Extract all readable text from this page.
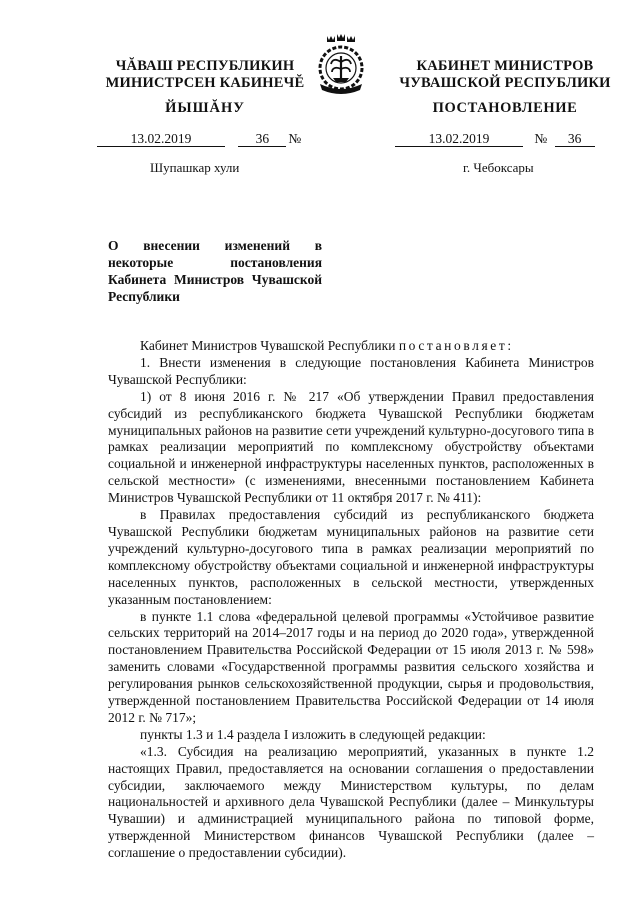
ЧĂВАШ РЕСПУБЛИКИН
МИНИСТРСЕН КАБИНЕЧĔ
ЙЫШĂНУ
КАБИНЕТ МИНИСТРОВ
ЧУВАШСКОЙ РЕСПУБЛИКИ
ПОСТАНОВЛЕНИЕ
13.02.2019	36 №	13.02.2019	№ 36
Шупашкар хули	г. Чебоксары
О внесении изменений в некоторые постановления Кабинета Министров Чувашской Республики

Кабинет Министров Чувашской Республики постановляет:

1. Внести изменения в следующие постановления Кабинета Министров Чувашской Республики:

1) от 8 июня 2016 г. № 217 «Об утверждении Правил предоставления субсидий из республиканского бюджета Чувашской Республики бюджетам муниципальных районов на развитие сети учреждений культурно-досугового типа в рамках реализации мероприятий по комплексному обустройству объектами социальной и инженерной инфраструктуры населенных пунктов, расположенных в сельской местности» (с изменениями, внесенными постановлением Кабинета Министров Чувашской Республики от 11 октября 2017 г. № 411):

в Правилах предоставления субсидий из республиканского бюджета Чувашской Республики бюджетам муниципальных районов на развитие сети учреждений культурно-досугового типа в рамках реализации мероприятий по комплексному обустройству объектами социальной и инженерной инфраструктуры населенных пунктов, расположенных в сельской местности, утвержденных указанным постановлением:

в пункте 1.1 слова «федеральной целевой программы «Устойчивое развитие сельских территорий на 2014–2017 годы и на период до 2020 года», утвержденной постановлением Правительства Российской Федерации от 15 июля 2013 г. № 598» заменить словами «Государственной программы развития сельского хозяйства и регулирования рынков сельскохозяйственной продукции, сырья и продовольствия, утвержденной постановлением Правительства Российской Федерации от 14 июля 2012 г. № 717»;

пункты 1.3 и 1.4 раздела I изложить в следующей редакции:

«1.3. Субсидия на реализацию мероприятий, указанных в пункте 1.2 настоящих Правил, предоставляется на основании соглашения о предоставлении субсидии, заключаемого между Министерством культуры, по делам национальностей и архивного дела Чувашской Республики (далее – Минкультуры Чувашии) и администрацией муниципального района по типовой форме, утвержденной Министерством финансов Чувашской Республики (далее – соглашение о предоставлении субсидии).
